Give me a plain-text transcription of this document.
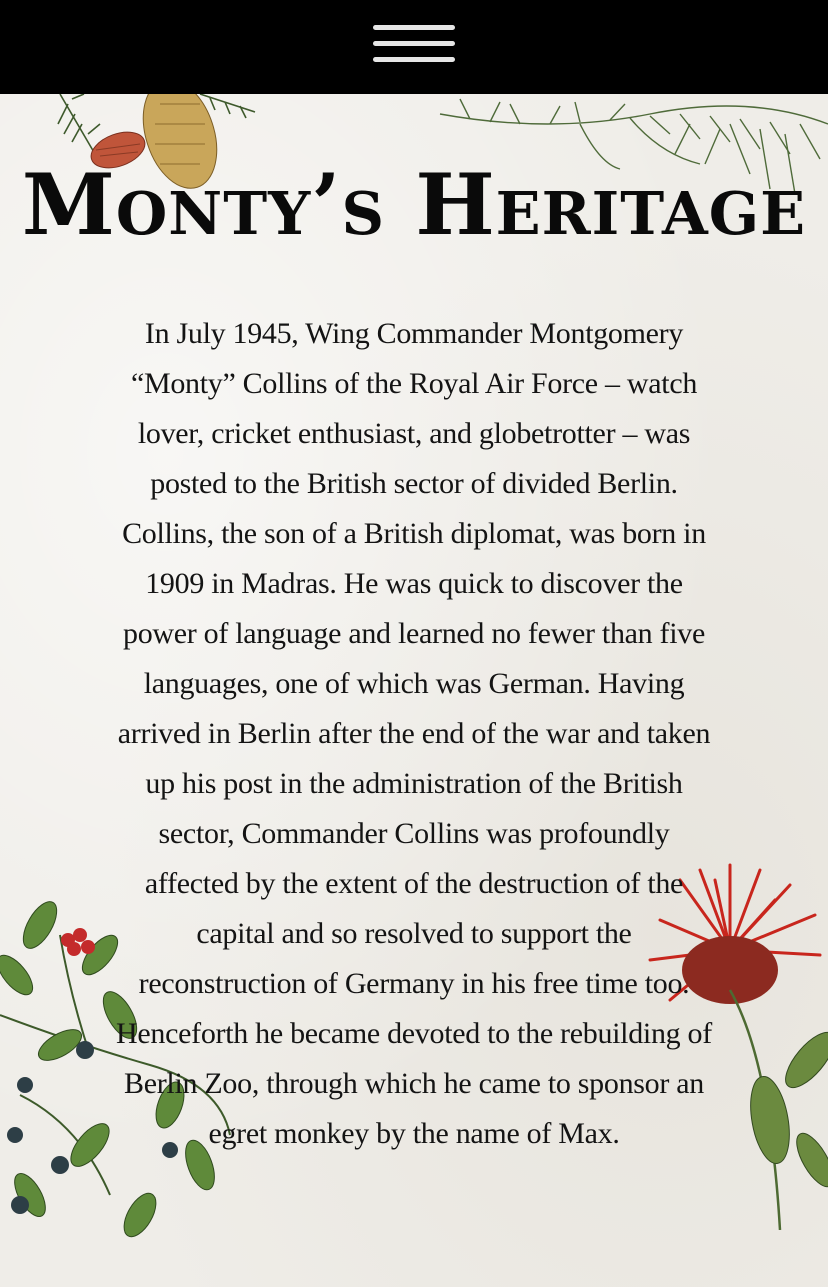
Monty’s Heritage

In July 1945, Wing Commander Montgomery “Monty” Collins of the Royal Air Force – watch lover, cricket enthusiast, and globetrotter – was posted to the British sector of divided Berlin. Collins, the son of a British diplomat, was born in 1909 in Madras. He was quick to discover the power of language and learned no fewer than five languages, one of which was German. Having arrived in Berlin after the end of the war and taken up his post in the administration of the British sector, Commander Collins was profoundly affected by the extent of the destruction of the capital and so resolved to support the reconstruction of Germany in his free time too. Henceforth he became devoted to the rebuilding of Berlin Zoo, through which he came to sponsor an egret monkey by the name of Max.
